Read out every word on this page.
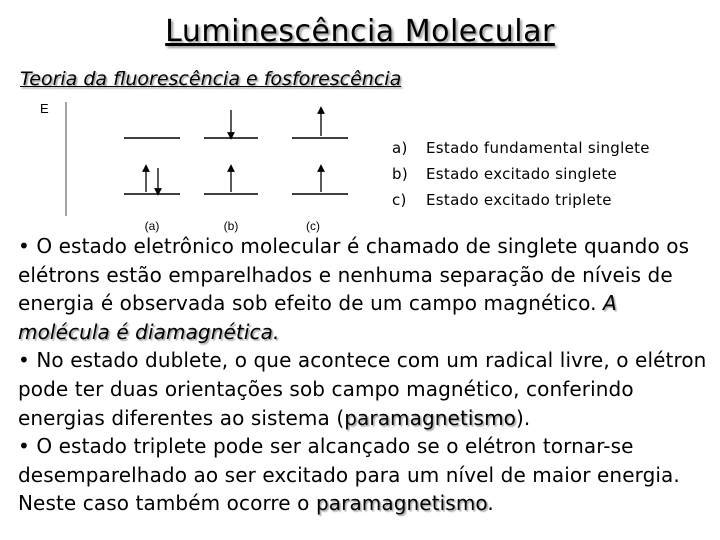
Luminescência Molecular
Teoria da fluorescência e fosforescência
E
(a)	(b)	(c)
a) Estado fundamental singlete
b) Estado excitado singlete
c) Estado excitado triplete

• O estado eletrônico molecular é chamado de singlete quando os elétrons estão emparelhados e nenhuma separação de níveis de energia é observada sob efeito de um campo magnético. A molécula é diamagnética.

• No estado dublete, o que acontece com um radical livre, o elétron pode ter duas orientações sob campo magnético, conferindo energias diferentes ao sistema (paramagnetismo).

• O estado triplete pode ser alcançado se o elétron tornar-se desemparelhado ao ser excitado para um nível de maior energia. Neste caso também ocorre o paramagnetismo.
